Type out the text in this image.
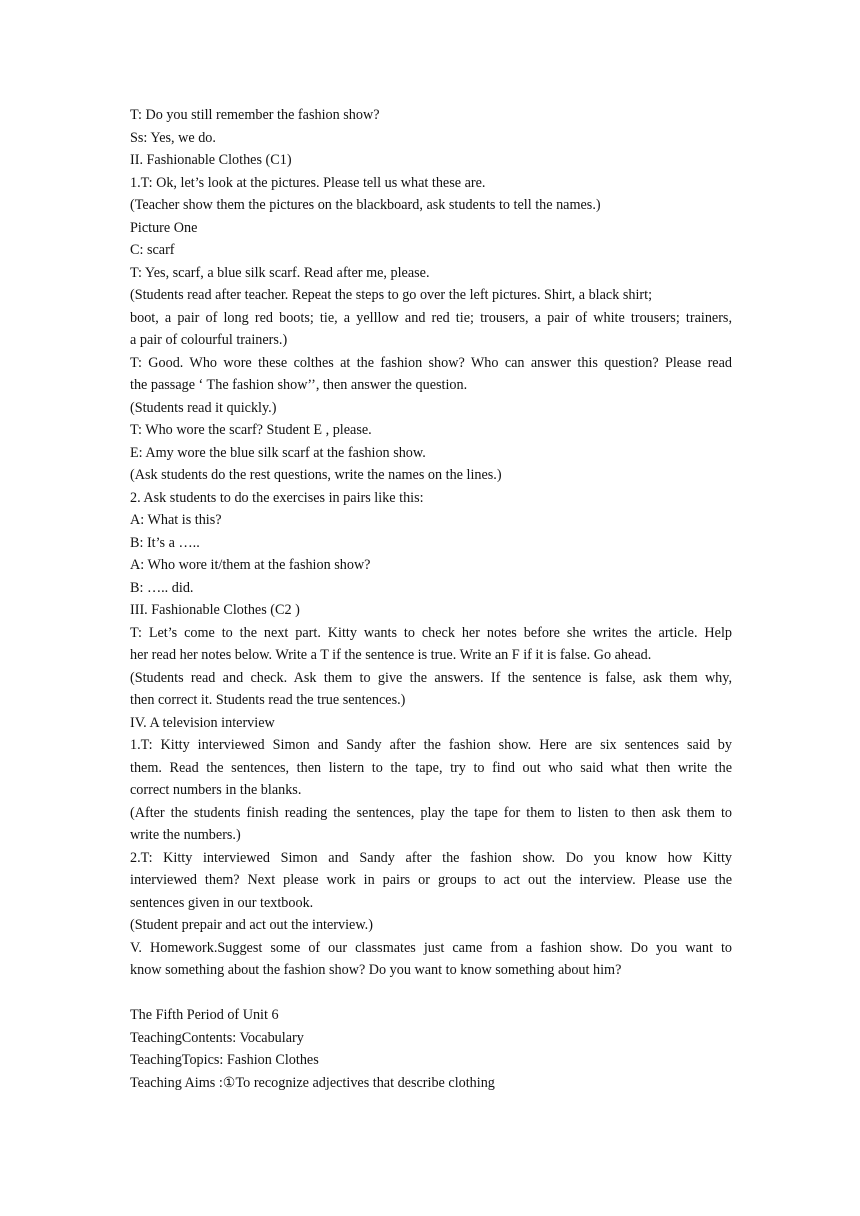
T: Do you still remember the fashion show?
Ss: Yes, we do.
II. Fashionable Clothes (C1)
1.T: Ok, let’s look at the pictures. Please tell us what these are.
(Teacher show them the pictures on the blackboard, ask students to tell the names.)
Picture One
C: scarf
T: Yes, scarf, a blue silk scarf. Read after me, please.
(Students read after teacher. Repeat the steps to go over the left pictures. Shirt, a black shirt;
boot, a pair of long red boots; tie, a yelllow and red tie; trousers, a pair of white trousers; trainers,
a pair of colourful trainers.)
T: Good. Who wore these colthes at the fashion show? Who can answer this question? Please read
the passage ‘ The fashion show’’, then answer the question.
(Students read it quickly.)
T: Who wore the scarf? Student E , please.
E: Amy wore the blue silk scarf at the fashion show.
(Ask students do the rest questions, write the names on the lines.)
2. Ask students to do the exercises in pairs like this:
A: What is this?
B: It’s a …..
A: Who wore it/them at the fashion show?
B: ….. did.
III. Fashionable Clothes (C2 )
T: Let’s come to the next part. Kitty wants to check her notes before she writes the article. Help
her read her notes below. Write a T if the sentence is true. Write an F if it is false. Go ahead.
(Students read and check. Ask them to give the answers. If the sentence is false, ask them why,
then correct it. Students read the true sentences.)
IV. A television interview
1.T: Kitty interviewed Simon and Sandy after the fashion show. Here are six sentences said by
them. Read the sentences, then listern to the tape, try to find out who said what then write the
correct numbers in the blanks.
(After the students finish reading the sentences, play the tape for them to listen to then ask them to
write the numbers.)
2.T: Kitty interviewed Simon and Sandy after the fashion show. Do you know how Kitty
interviewed them? Next please work in pairs or groups to act out the interview. Please use the
sentences given in our textbook.
(Student prepair and act out the interview.)
V. Homework.Suggest some of our classmates just came from a fashion show. Do you want to
know something about the fashion show? Do you want to know something about him?
The Fifth Period of Unit 6
TeachingContents: Vocabulary
TeachingTopics: Fashion Clothes
Teaching Aims :①To recognize adjectives that describe clothing
